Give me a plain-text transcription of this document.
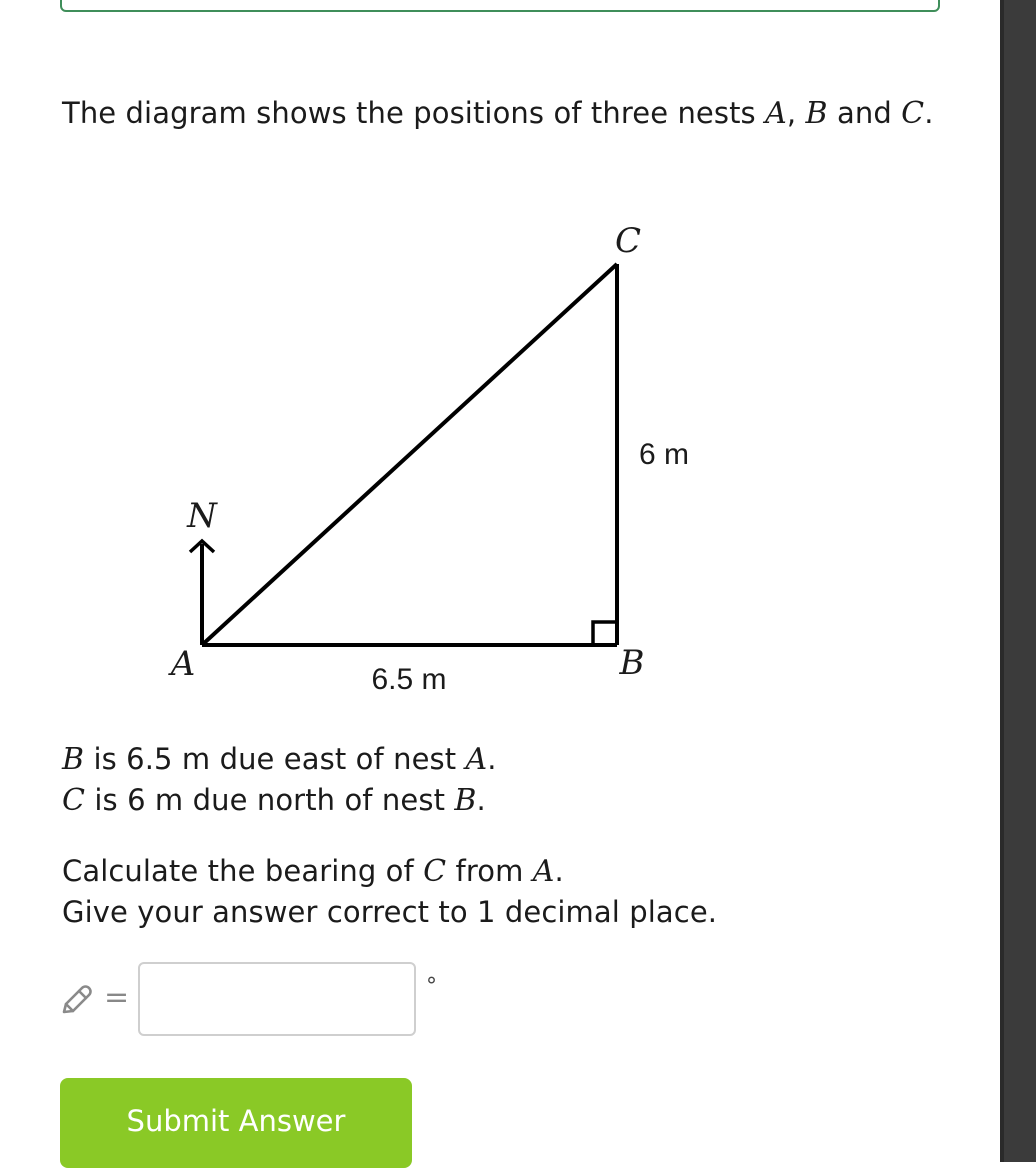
The diagram shows the positions of three nests A, B and C.

N
A	B
C
6.5 m
6 m
B is 6.5 m due east of nest A.
C is 6 m due north of nest B.
Calculate the bearing of C from A.
Give your answer correct to 1 decimal place.
=	°
Submit Answer
